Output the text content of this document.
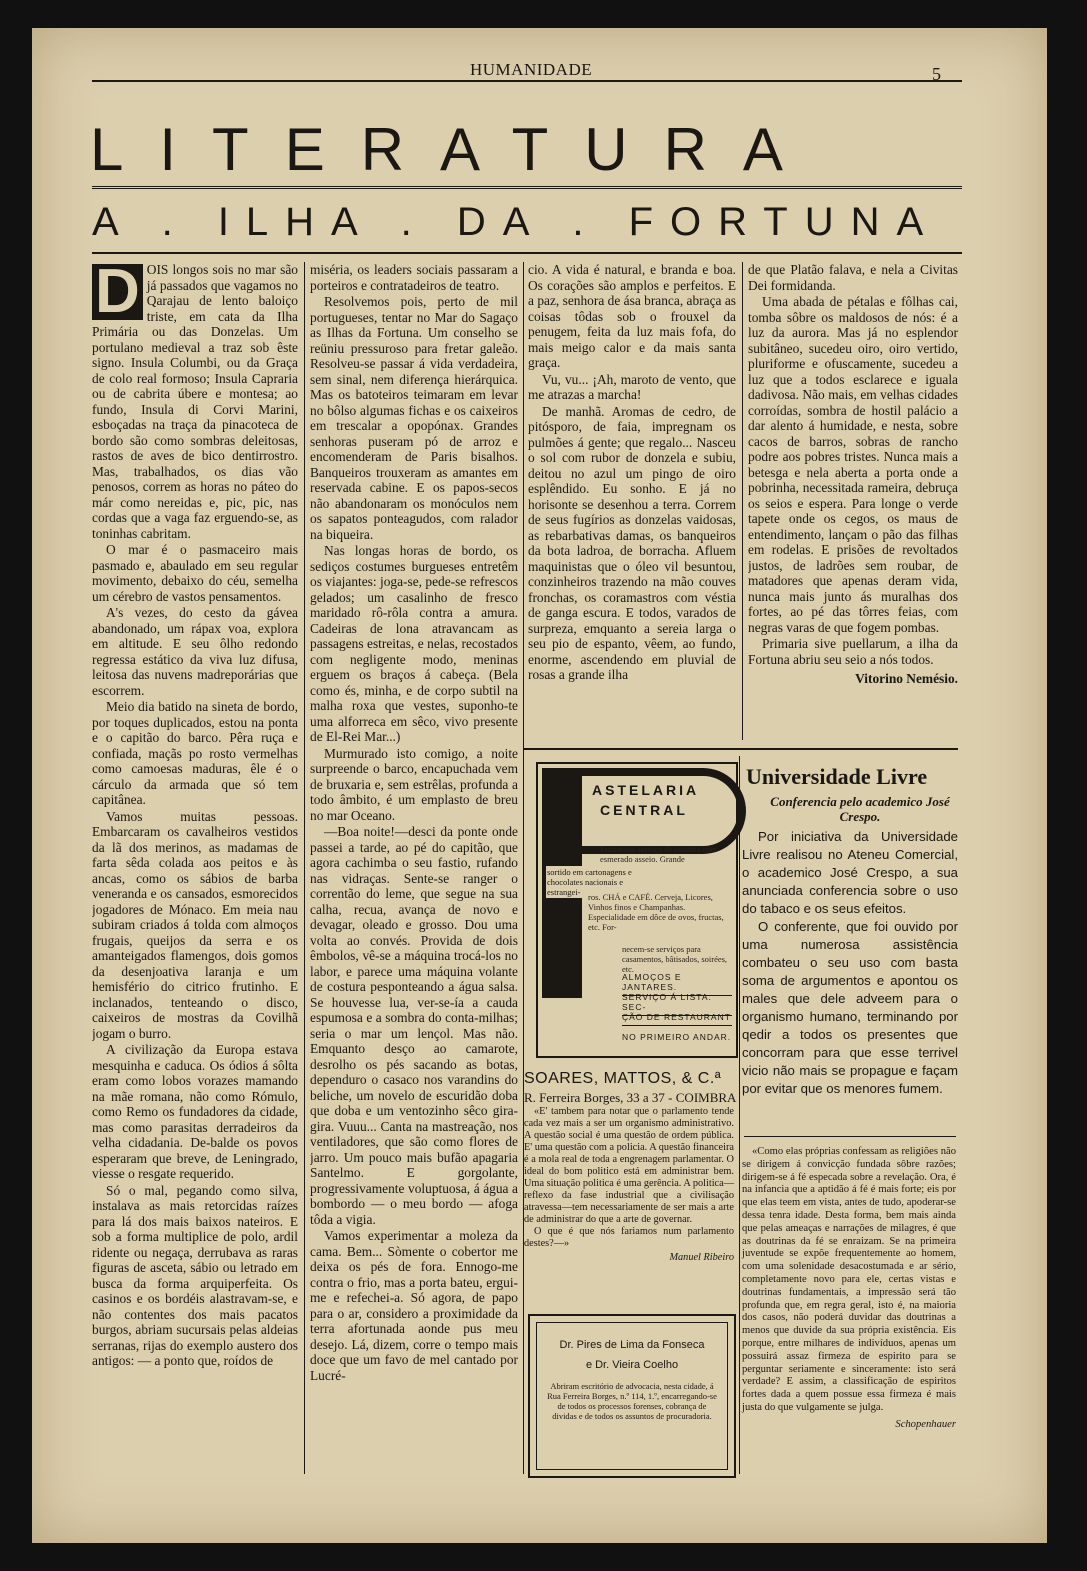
HUMANIDADE	5
LITERATURA
A . ILHA . DA . FORTUNA
D OIS longos sois no mar são já passados que vagamos no Qarajau de lento baloiço triste, em cata da Ilha Primária ou das Donzelas. Um portulano medieval a traz sob êste signo. Insula Columbi, ou da Graça de colo real formoso; Insula Capraria ou de cabrita úbere e montesa; ao fundo, Insula di Corvi Marini, esboçadas na traça da pinacoteca de bordo são como sombras deleitosas, rastos de aves de bico dentirrostro. Mas, trabalhados, os dias vão penosos, correm as horas no páteo do már como nereidas e, pic, pic, nas cordas que a vaga faz erguendo-se, as toninhas cabritam.

O mar é o pasmaceiro mais pasmado e, abaulado em seu regular movimento, debaixo do céu, semelha um cérebro de vastos pensamentos.

A's vezes, do cesto da gávea abandonado, um rápax voa, explora em altitude. E seu ôlho redondo regressa estático da viva luz difusa, leitosa das nuvens madreporárias que escorrem.

Meio dia batido na sineta de bordo, por toques duplicados, estou na ponta e o capitão do barco. Pêra ruça e confiada, maçãs po rosto vermelhas como camoesas maduras, êle é o cárculo da armada que só tem capitânea.

Vamos muitas pessoas. Embarcaram os cavalheiros vestidos da lã dos merinos, as madamas de farta sêda colada aos peitos e às ancas, como os sábios de barba veneranda e os cansados, esmorecidos jogadores de Mónaco. Em meia nau subiram criados á tolda com almoços frugais, queijos da serra e os amanteigados flamengos, dois gomos da desenjoativa laranja e um hemisfério do citrico frutinho. E inclanados, tenteando o disco, caixeiros de mostras da Covilhã jogam o burro.

A civilização da Europa estava mesquinha e caduca. Os ódios á sôlta eram como lobos vorazes mamando na mãe romana, não como Rómulo, como Remo os fundadores da cidade, mas como parasitas derradeiros da velha cidadania. De-balde os povos esperaram que breve, de Leningrado, viesse o resgate requerido.

Só o mal, pegando como silva, instalava as mais retorcidas raízes para lá dos mais baixos nateiros. E sob a forma multiplice de polo, ardil ridente ou negaça, derrubava as raras figuras de asceta, sábio ou letrado em busca da forma arquiperfeita. Os casinos e os bordéis alastravam-se, e não contentes dos mais pacatos burgos, abriam sucursais pelas aldeias serranas, rijas do exemplo austero dos antigos: — a ponto que, roídos de

miséria, os leaders sociais passaram a porteiros e contratadeiros de teatro.

Resolvemos pois, perto de mil portugueses, tentar no Mar do Sagaço as Ilhas da Fortuna. Um conselho se reüniu pressuroso para fretar galeão. Resolveu-se passar á vida verdadeira, sem sinal, nem diferença hierárquica. Mas os batoteiros teimaram em levar no bôlso algumas fichas e os caixeiros em trescalar a opopónax. Grandes senhoras puseram pó de arroz e encomenderam de Paris bisalhos. Banqueiros trouxeram as amantes em reservada cabine. E os papos-secos não abandonaram os monóculos nem os sapatos ponteagudos, com ralador na biqueira.

Nas longas horas de bordo, os sediços costumes burgueses entretêm os viajantes: joga-se, pede-se refrescos gelados; um casalinho de fresco maridado rô-rôla contra a amura. Cadeiras de lona atravancam as passagens estreitas, e nelas, recostados com negligente modo, meninas erguem os braços á cabeça. (Bela como és, minha, e de corpo subtil na malha roxa que vestes, suponho-te uma alforreca em sêco, vivo presente de El-Rei Mar...)

Murmurado isto comigo, a noite surpreende o barco, encapuchada vem de bruxaria e, sem estrêlas, profunda a todo âmbito, é um emplasto de breu no mar Oceano.

—Boa noite!—desci da ponte onde passei a tarde, ao pé do capitão, que agora cachimba o seu fastio, rufando nas vidraças. Sente-se ranger o correntão do leme, que segue na sua calha, recua, avança de novo e devagar, oleado e grosso. Dou uma volta ao convés. Provida de dois êmbolos, vê-se a máquina trocá-los no labor, e parece uma máquina volante de costura pesponteando a água salsa. Se houvesse lua, ver-se-ía a cauda espumosa e a sombra do conta-milhas; seria o mar um lençol. Mas não. Emquanto desço ao camarote, desrolho os pés sacando as botas, dependuro o casaco nos varandins do beliche, um novelo de escuridão doba que doba e um ventozinho sêco gira-gira. Vuuu... Canta na mastreação, nos ventiladores, que são como flores de jarro. Um pouco mais bufão apagaria Santelmo. E gorgolante, progressivamente voluptuosa, á água a bombordo — o meu bordo — afoga tôda a vigia.

Vamos experimentar a moleza da cama. Bem... Sòmente o cobertor me deixa os pés de fora. Ennogo-me contra o frio, mas a porta bateu, ergui-me e refechei-a. Só agora, de papo para o ar, considero a proximidade da terra afortunada aonde pus meu desejo. Lá, dizem, corre o tempo mais doce que um favo de mel cantado por Lucré-

cio. A vida é natural, e branda e boa. Os corações são amplos e perfeitos. E a paz, senhora de ása branca, abraça as coisas tôdas sob o frouxel da penugem, feita da luz mais fofa, do mais meigo calor e da mais santa graça.

Vu, vu... ¡Ah, maroto de vento, que me atrazas a marcha!

De manhã. Aromas de cedro, de pitósporo, de faia, impregnam os pulmões á gente; que regalo... Nasceu o sol com rubor de donzela e subiu, deitou no azul um pingo de oiro esplêndido. Eu sonho. E já no horisonte se desenhou a terra. Correm de seus fugírios as donzelas vaidosas, as rebarbativas damas, os banqueiros da bota ladroa, de borracha. Afluem maquinistas que o óleo vil besuntou, conzinheiros trazendo na mão couves fronchas, os coramastros com véstia de ganga escura. E todos, varados de surpreza, emquanto a sereia larga o seu pio de espanto, vêem, ao fundo, enorme, ascendendo em pluvial de rosas a grande ilha

de que Platão falava, e nela a Civitas Dei formidanda.

Uma abada de pétalas e fôlhas cai, tomba sôbre os maldosos de nós: é a luz da aurora. Mas já no esplendor subitâneo, sucedeu oiro, oiro vertido, pluriforme e ofuscamente, sucedeu a luz que a todos esclarece e iguala dadivosa. Não mais, em velhas cidades corroídas, sombra de hostil palácio a dar alento á humidade, e nesta, sobre cacos de barros, sobras de rancho podre aos pobres tristes. Nunca mais a betesga e nela aberta a porta onde a pobrinha, necessitada rameira, debruça os seios e espera. Para longe o verde tapete onde os cegos, os maus de entendimento, lançam o pão das filhas em rodelas. E prisões de revoltados justos, de ladrões sem roubar, de matadores que apenas deram vida, nunca mais junto ás muralhas dos fortes, ao pé das tôrres feias, com negras varas de que fogem pombas.

Primaria sive puellarum, a ilha da Fortuna abriu seu seio a nós todos.

Vitorino Nemésio.
ASTELARIA
CENTRAL
Primoroso serviço de cosinha com esmerado asseio. Grande
sortido em cartonagens e chocolates nacionais e estrangei- ros. CHÁ e CAFÉ. Cerveja, Licores, Vinhos finos e Champanhas. Especialidade em dôce de ovos, fructas, etc. For-
necem-se serviços para casamentos, bâtisados, soirées, etc.
ALMOÇOS E JANTARES.
SERVIÇO Á LISTA. SEC-
ÇÃO DE RESTAURANT
NO PRIMEIRO ANDAR.
SOARES, MATTOS, & C.ª
R. Ferreira Borges, 33 a 37 - COIMBRA

«E' tambem para notar que o parlamento tende cada vez mais a ser um organismo administrativo. A questão social é uma questão de ordem pública. E' uma questão com a policia. A questão financeira é a mola real de toda a engrenagem parlamentar. O ideal do bom politico está em administrar bem. Uma situação politica é uma gerência. A politica—reflexo da fase industrial que a civilisação atravessa—tem necessariamente de ser mais a arte de administrar do que a arte de governar.

O que é que nós fariamos num parlamento destes?—»

Manuel Ribeiro
Dr. Pires de Lima da Fonseca
e Dr. Vieira Coelho
Abriram escritório de advocacia, nesta cidade, á Rua Ferreira Borges, n.º 114, 1.º, encarregando-se de todos os processos forenses, cobrança de dividas e de todos os assuntos de procuradoria.
Universidade Livre
Conferencia pelo academico José Crespo.

Por iniciativa da Universidade Livre realisou no Ateneu Comercial, o academico José Crespo, a sua anunciada conferencia sobre o uso do tabaco e os seus efeitos.

O conferente, que foi ouvido por uma numerosa assistência combateu o seu uso com basta soma de argumentos e apontou os males que dele adveem para o organismo humano, terminando por qedir a todos os presentes que concorram para que esse terrivel vicio não mais se propague e façam por evitar que os menores fumem.

«Como elas próprias confessam as religiões não se dirigem á convicção fundada sôbre razões; dirigem-se á fé especada sobre a revelação. Ora, é na infancia que a aptidão á fé é mais forte; eis por que elas teem em vista, antes de tudo, apoderar-se dessa tenra idade. Desta forma, bem mais ainda que pelas ameaças e narrações de milagres, é que as doutrinas da fé se enraizam. Se na primeira juventude se expõe frequentemente ao homem, com uma solenidade desacostumada e ar sério, completamente novo para ele, certas vistas e doutrinas fundamentais, a impressão será tão profunda que, em regra geral, isto é, na maioria dos casos, não poderá duvidar das doutrinas a menos que duvide da sua própria existência. Eis porque, entre milhares de indivíduos, apenas um possuirá assaz firmeza de espirito para se perguntar seriamente e sinceramente: isto será verdade? E assim, a classificação de espiritos fortes dada a quem possue essa firmeza é mais justa do que vulgamente se julga.

Schopenhauer
